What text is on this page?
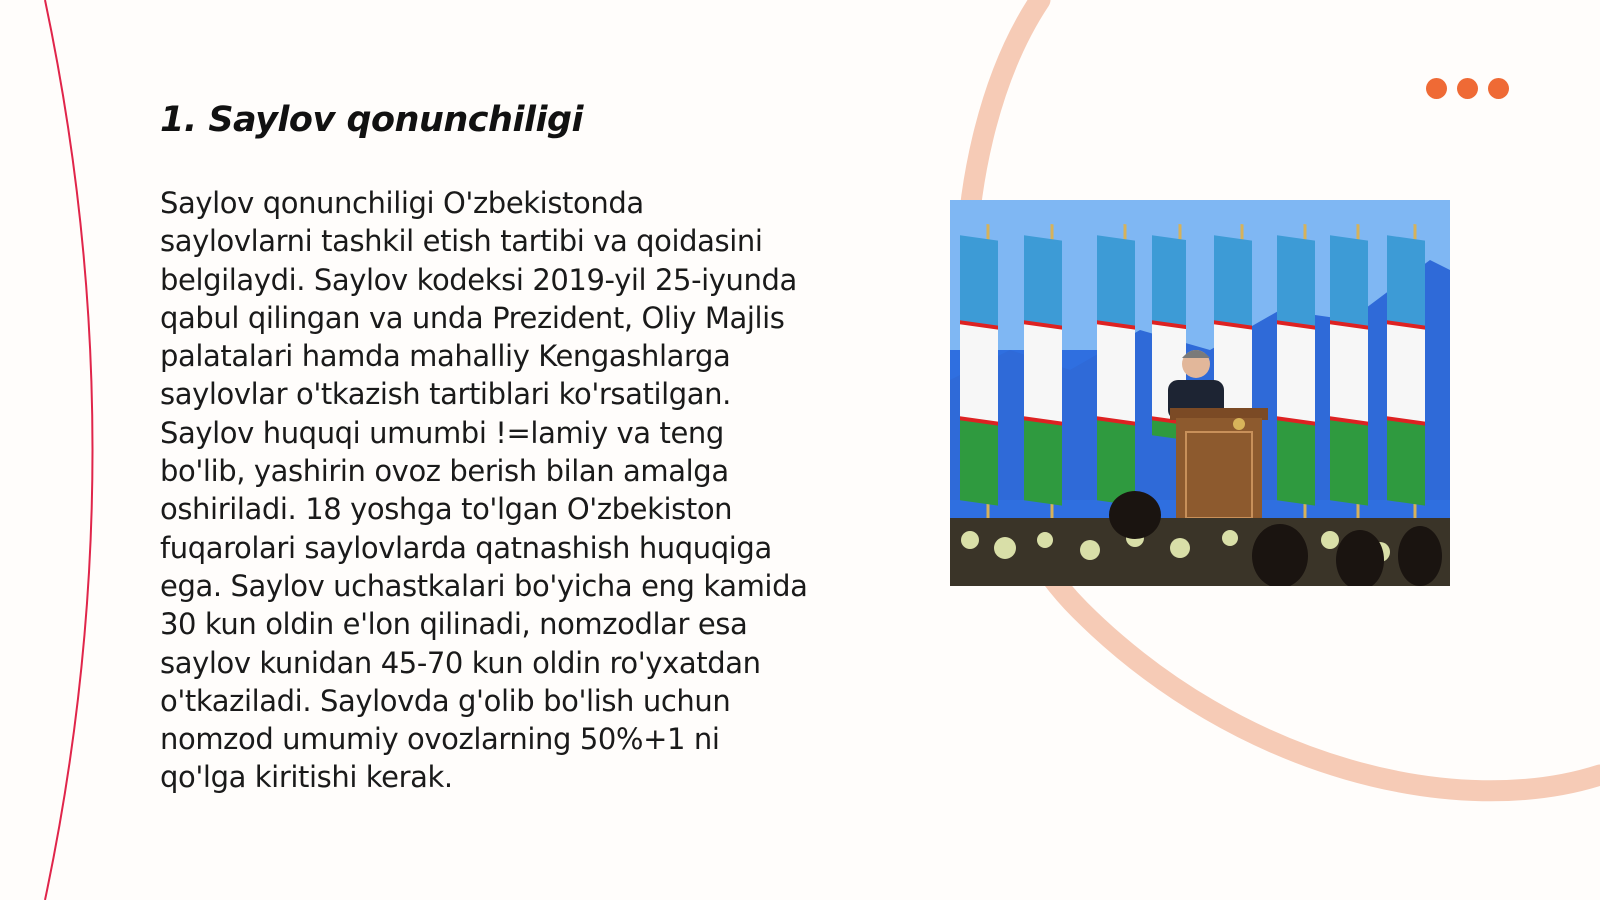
1. Saylov qonunchiligi
Saylov qonunchiligi O'zbekistonda
saylovlarni tashkil etish tartibi va qoidasini
belgilaydi. Saylov kodeksi 2019-yil 25-iyunda
qabul qilingan va unda Prezident, Oliy Majlis
palatalari hamda mahalliy Kengashlarga
saylovlar o'tkazish tartiblari ko'rsatilgan.
Saylov huquqi umumbi !=lamiy va teng
bo'lib, yashirin ovoz berish bilan amalga
oshiriladi. 18 yoshga to'lgan O'zbekiston
fuqarolari saylovlarda qatnashish huquqiga
ega. Saylov uchastkalari bo'yicha eng kamida
30 kun oldin e'lon qilinadi, nomzodlar esa
saylov kunidan 45-70 kun oldin ro'yxatdan
o'tkaziladi. Saylovda g'olib bo'lish uchun
nomzod umumiy ovozlarning 50%+1 ni
qo'lga kiritishi kerak.
